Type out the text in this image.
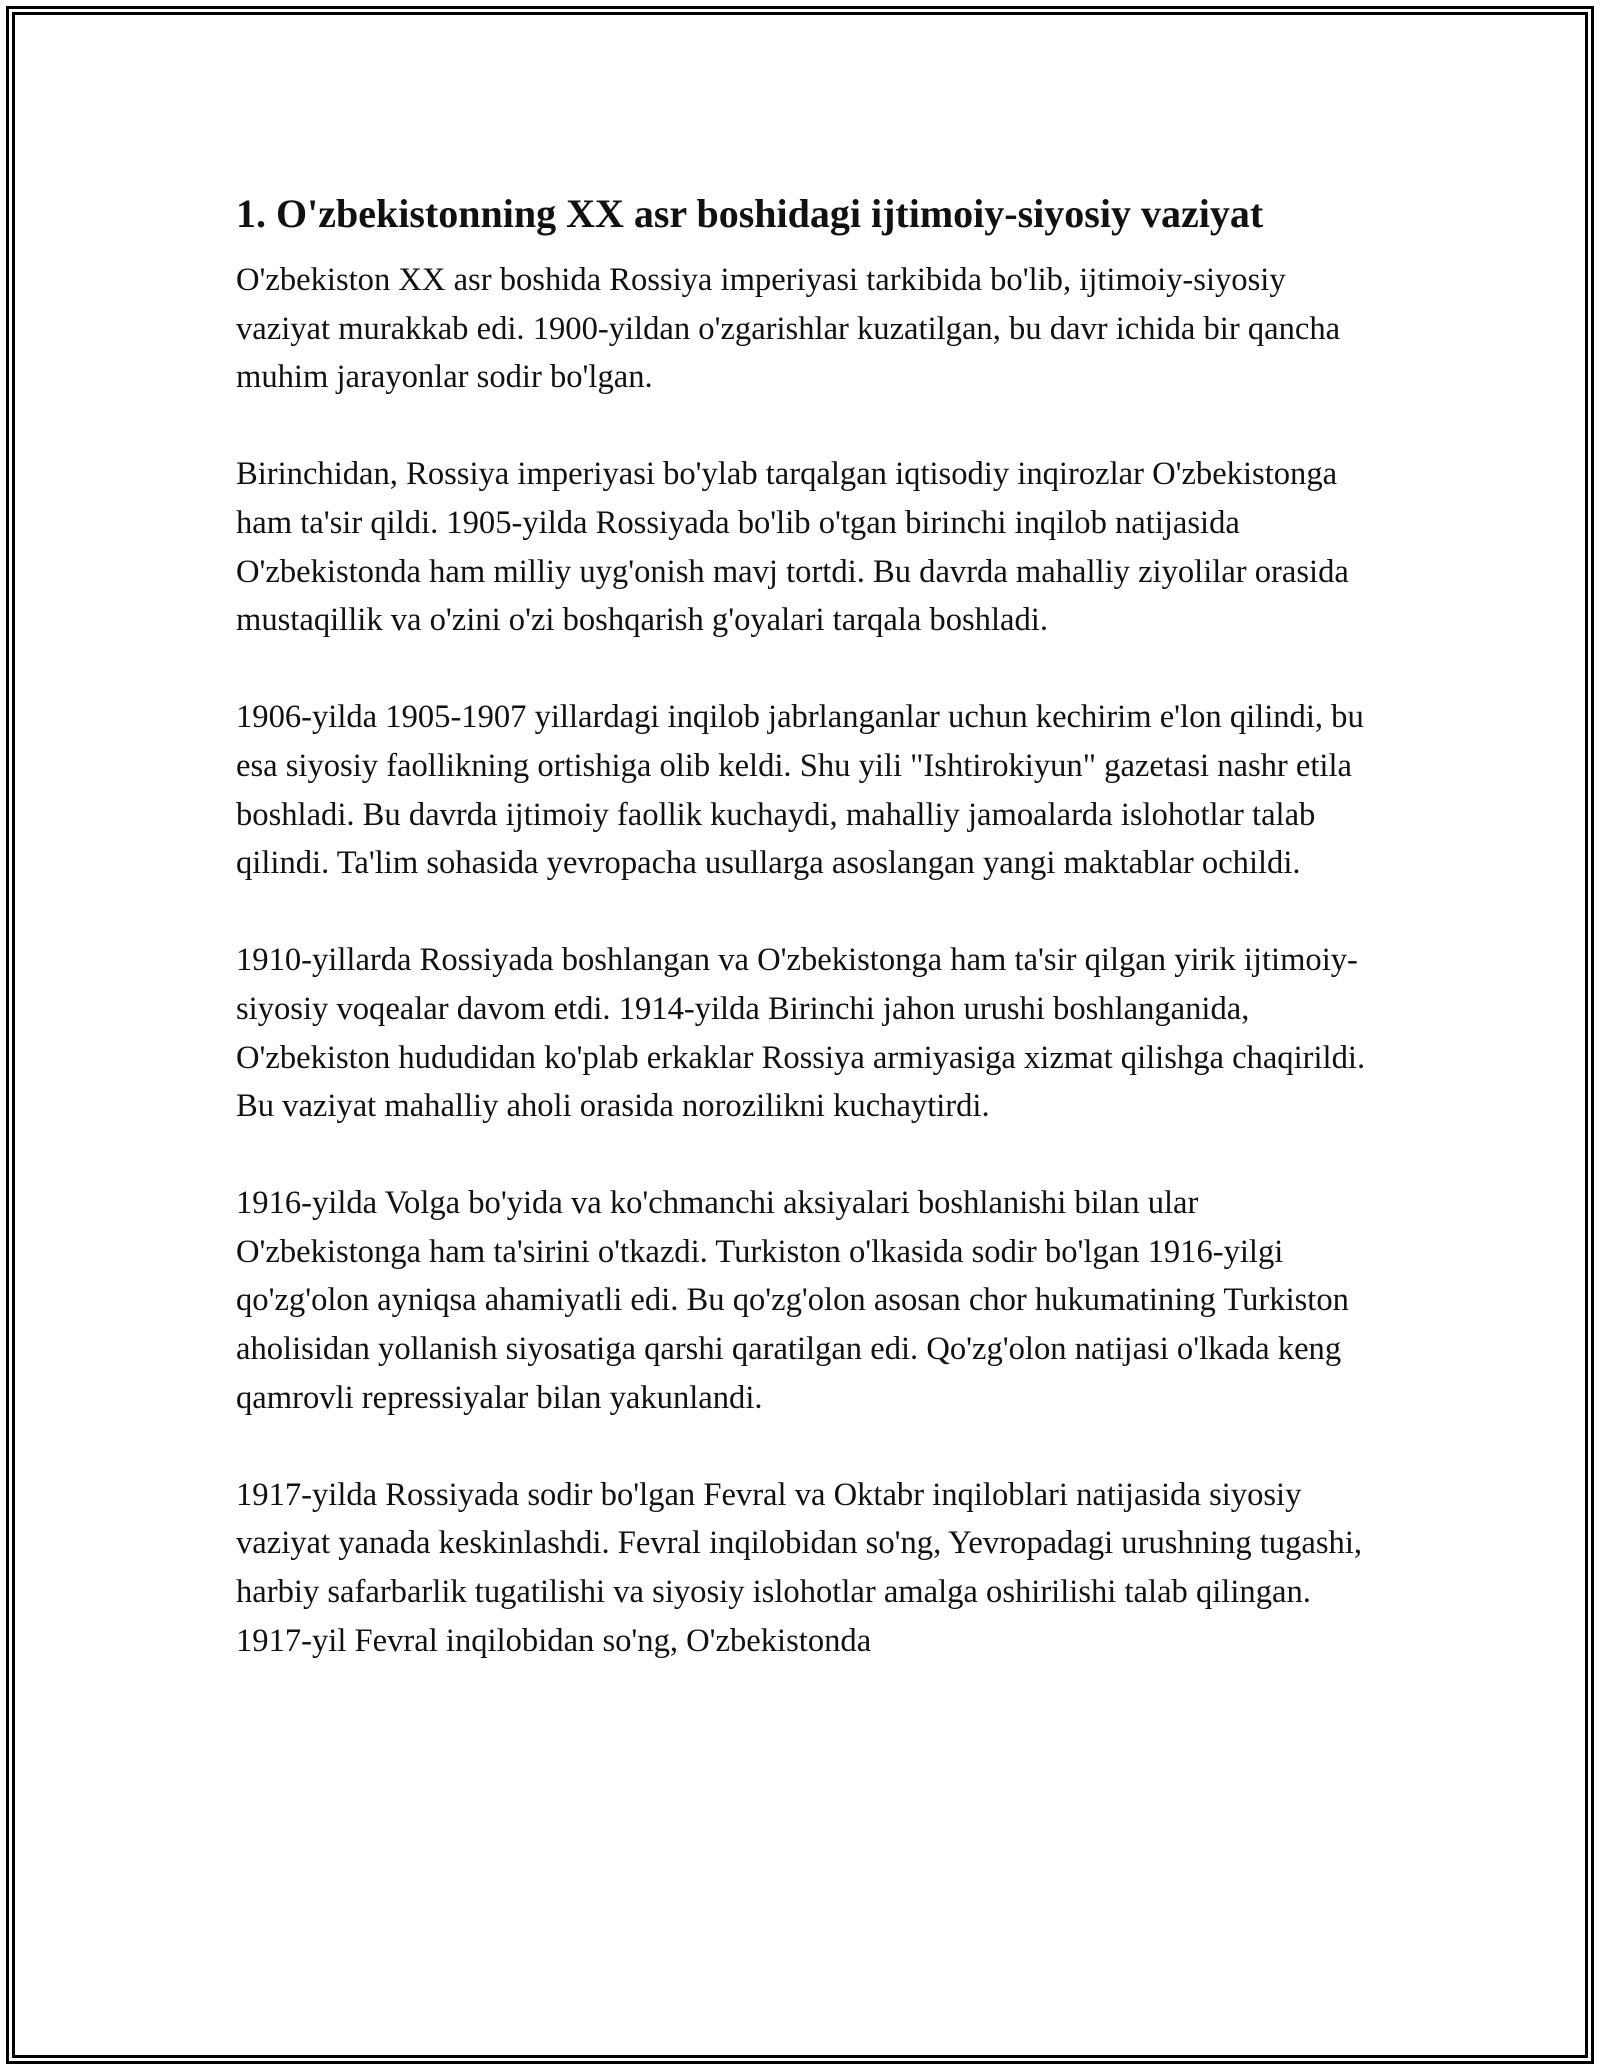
1. O'zbekistonning XX asr boshidagi ijtimoiy-siyosiy vaziyat

O'zbekiston XX asr boshida Rossiya imperiyasi tarkibida bo'lib, ijtimoiy-siyosiy vaziyat murakkab edi. 1900-yildan o'zgarishlar kuzatilgan, bu davr ichida bir qancha muhim jarayonlar sodir bo'lgan.

Birinchidan, Rossiya imperiyasi bo'ylab tarqalgan iqtisodiy inqirozlar O'zbekistonga ham ta'sir qildi. 1905-yilda Rossiyada bo'lib o'tgan birinchi inqilob natijasida O'zbekistonda ham milliy uyg'onish mavj tortdi. Bu davrda mahalliy ziyolilar orasida mustaqillik va o'zini o'zi boshqarish g'oyalari tarqala boshladi.

1906-yilda 1905-1907 yillardagi inqilob jabrlanganlar uchun kechirim e'lon qilindi, bu esa siyosiy faollikning ortishiga olib keldi. Shu yili "Ishtirokiyun" gazetasi nashr etila boshladi. Bu davrda ijtimoiy faollik kuchaydi, mahalliy jamoalarda islohotlar talab qilindi. Ta'lim sohasida yevropacha usullarga asoslangan yangi maktablar ochildi.

1910-yillarda Rossiyada boshlangan va O'zbekistonga ham ta'sir qilgan yirik ijtimoiy-siyosiy voqealar davom etdi. 1914-yilda Birinchi jahon urushi boshlanganida, O'zbekiston hududidan ko'plab erkaklar Rossiya armiyasiga xizmat qilishga chaqirildi. Bu vaziyat mahalliy aholi orasida norozilikni kuchaytirdi.

1916-yilda Volga bo'yida va ko'chmanchi aksiyalari boshlanishi bilan ular O'zbekistonga ham ta'sirini o'tkazdi. Turkiston o'lkasida sodir bo'lgan 1916-yilgi qo'zg'olon ayniqsa ahamiyatli edi. Bu qo'zg'olon asosan chor hukumatining Turkiston aholisidan yollanish siyosatiga qarshi qaratilgan edi. Qo'zg'olon natijasi o'lkada keng qamrovli repressiyalar bilan yakunlandi.

1917-yilda Rossiyada sodir bo'lgan Fevral va Oktabr inqiloblari natijasida siyosiy vaziyat yanada keskinlashdi. Fevral inqilobidan so'ng, Yevropadagi urushning tugashi, harbiy safarbarlik tugatilishi va siyosiy islohotlar amalga oshirilishi talab qilingan. 1917-yil Fevral inqilobidan so'ng, O'zbekistonda
